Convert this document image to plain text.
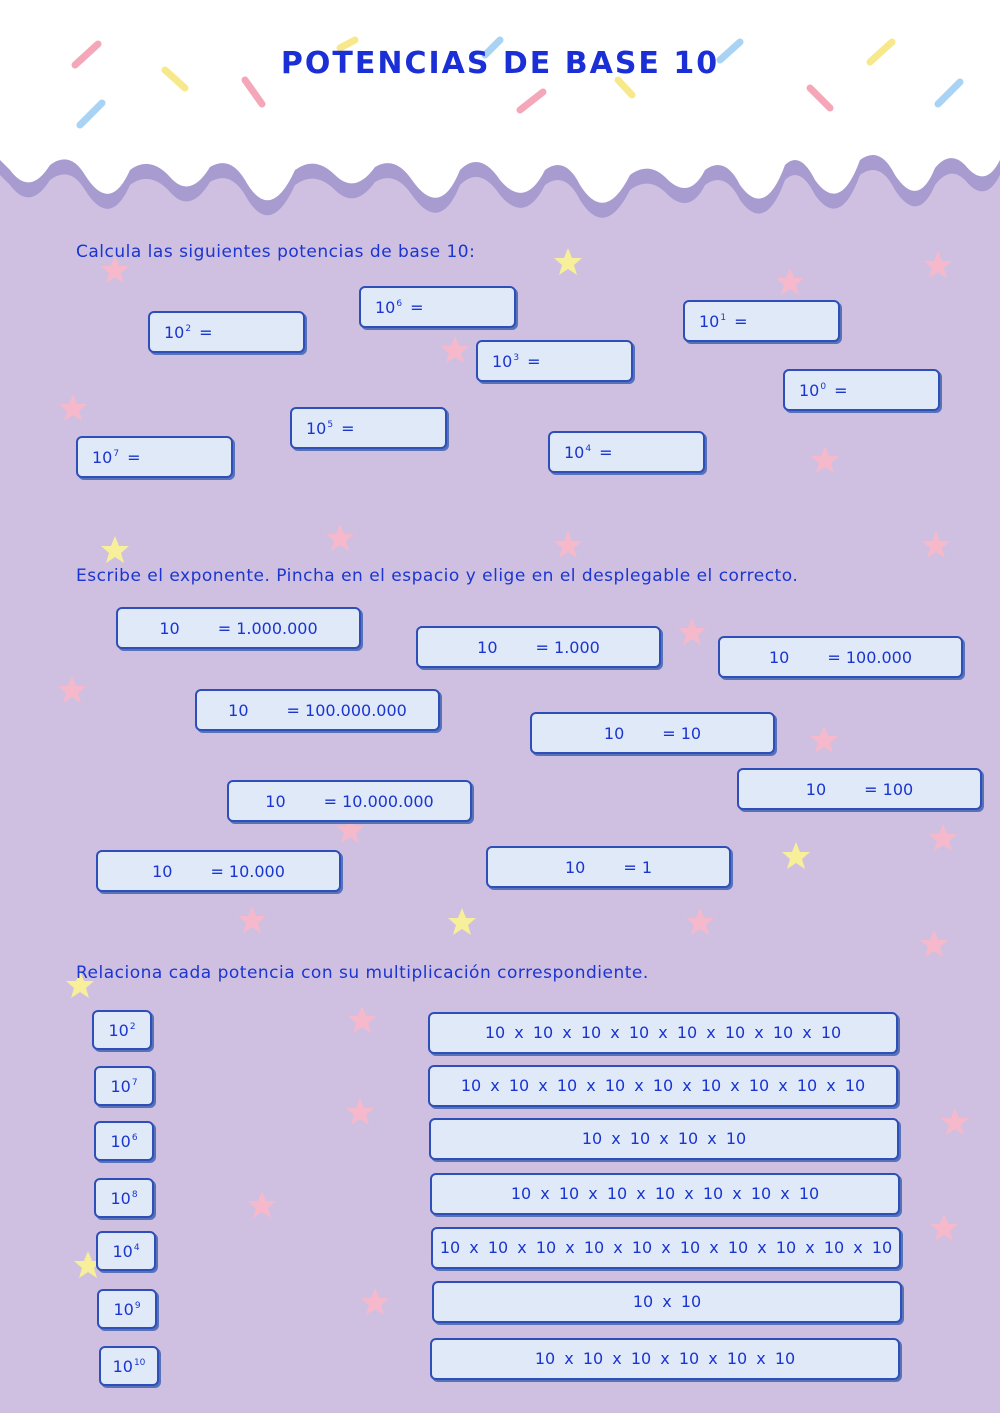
POTENCIAS DE BASE 10
Calcula las siguientes potencias de base 10:
$10^2$ =
$10^6$ =
$10^1$ =
$10^3$ =
$10^0$ =
$10^5$ =
$10^7$ =	$10^4$ =
Escribe el exponente. Pincha en el espacio y elige en el desplegable el correcto.
10 = 1.000.000
10 = 1.000
10 = 100.000
10 = 100.000.000
10 = 10
10 = 100
10 = 10.000.000
10 = 10.000	10 = 1
Relaciona cada potencia con su multiplicación correspondiente.
$10^2$
$10^7$
$10^6$
$10^8$
$10^4$
$10^9$
$10^{10}$
10 x 10 x 10 x 10 x 10 x 10 x 10 x 10
10 x 10 x 10 x 10 x 10 x 10 x 10 x 10 x 10
10 x 10 x 10 x 10
10 x 10 x 10 x 10 x 10 x 10 x 10
10 x 10 x 10 x 10 x 10 x 10 x 10 x 10 x 10 x 10
10 x 10
10 x 10 x 10 x 10 x 10 x 10
